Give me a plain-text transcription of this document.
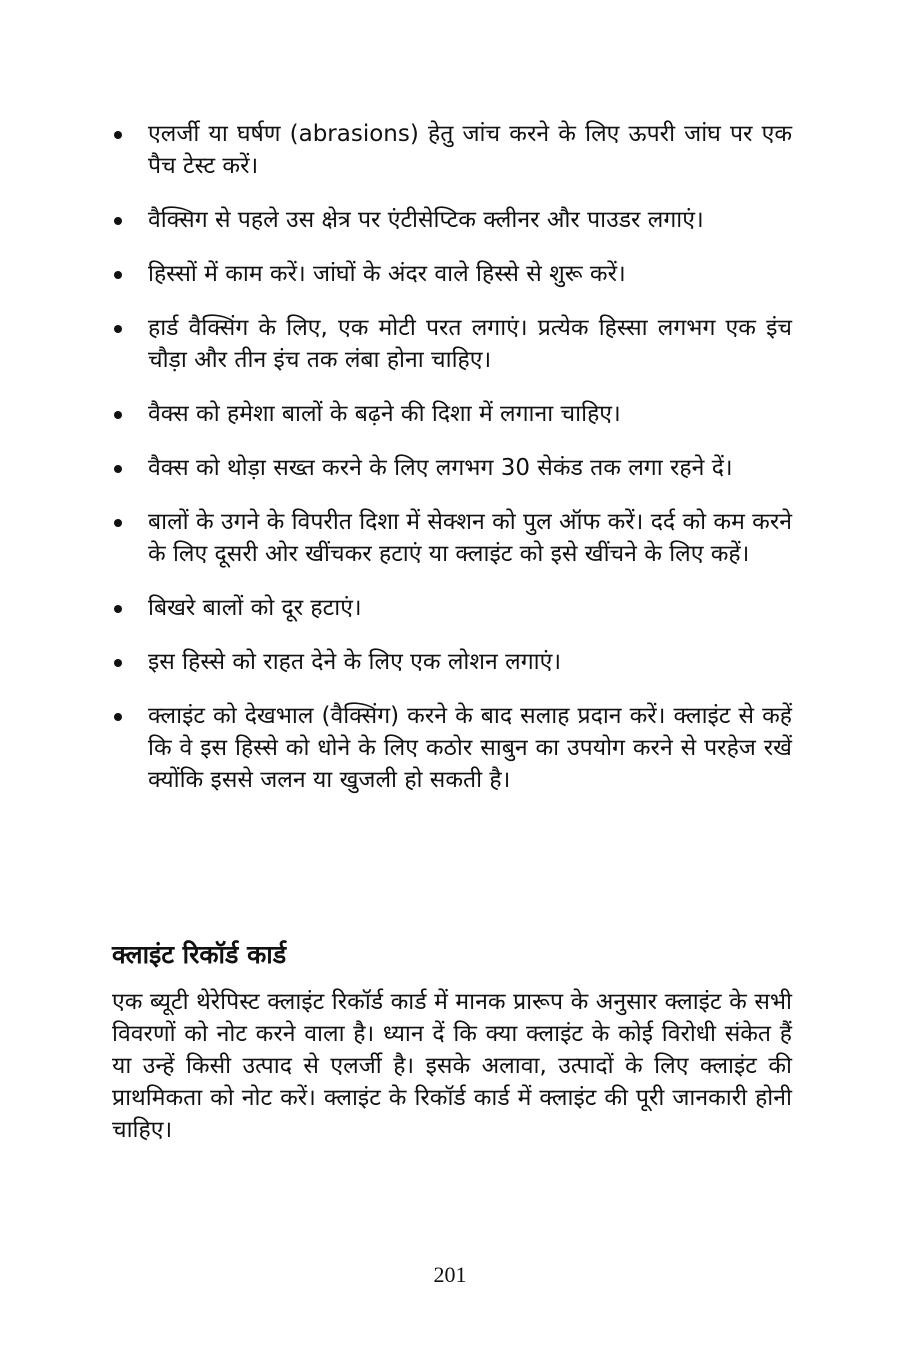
एलर्जी या घर्षण (abrasions) हेतु जांच करने के लिए ऊपरी जांघ पर एक पैच टेस्ट करें।
वैक्सिग से पहले उस क्षेत्र पर एंटीसेप्टिक क्लीनर और पाउडर लगाएं।
हिस्सों में काम करें। जांघों के अंदर वाले हिस्से से शुरू करें।
हार्ड वैक्सिंग के लिए, एक मोटी परत लगाएं। प्रत्येक हिस्सा लगभग एक इंच चौड़ा और तीन इंच तक लंबा होना चाहिए।
वैक्स को हमेशा बालों के बढ़ने की दिशा में लगाना चाहिए।
वैक्स को थोड़ा सख्त करने के लिए लगभग 30 सेकंड तक लगा रहने दें।
बालों के उगने के विपरीत दिशा में सेक्शन को पुल ऑफ करें। दर्द को कम करने के लिए दूसरी ओर खींचकर हटाएं या क्लाइंट को इसे खींचने के लिए कहें।
बिखरे बालों को दूर हटाएं।
इस हिस्से को राहत देने के लिए एक लोशन लगाएं।
क्लाइंट को देखभाल (वैक्सिंग) करने के बाद सलाह प्रदान करें। क्लाइंट से कहें कि वे इस हिस्से को धोने के लिए कठोर साबुन का उपयोग करने से परहेज रखें क्योंकि इससे जलन या खुजली हो सकती है।
क्लाइंट रिकॉर्ड कार्ड

एक ब्यूटी थेरेपिस्ट क्लाइंट रिकॉर्ड कार्ड में मानक प्रारूप के अनुसार क्लाइंट के सभी विवरणों को नोट करने वाला है। ध्यान दें कि क्या क्लाइंट के कोई विरोधी संकेत हैं या उन्हें किसी उत्पाद से एलर्जी है। इसके अलावा, उत्पादों के लिए क्लाइंट की प्राथमिकता को नोट करें। क्लाइंट के रिकॉर्ड कार्ड में क्लाइंट की पूरी जानकारी होनी चाहिए।

201
